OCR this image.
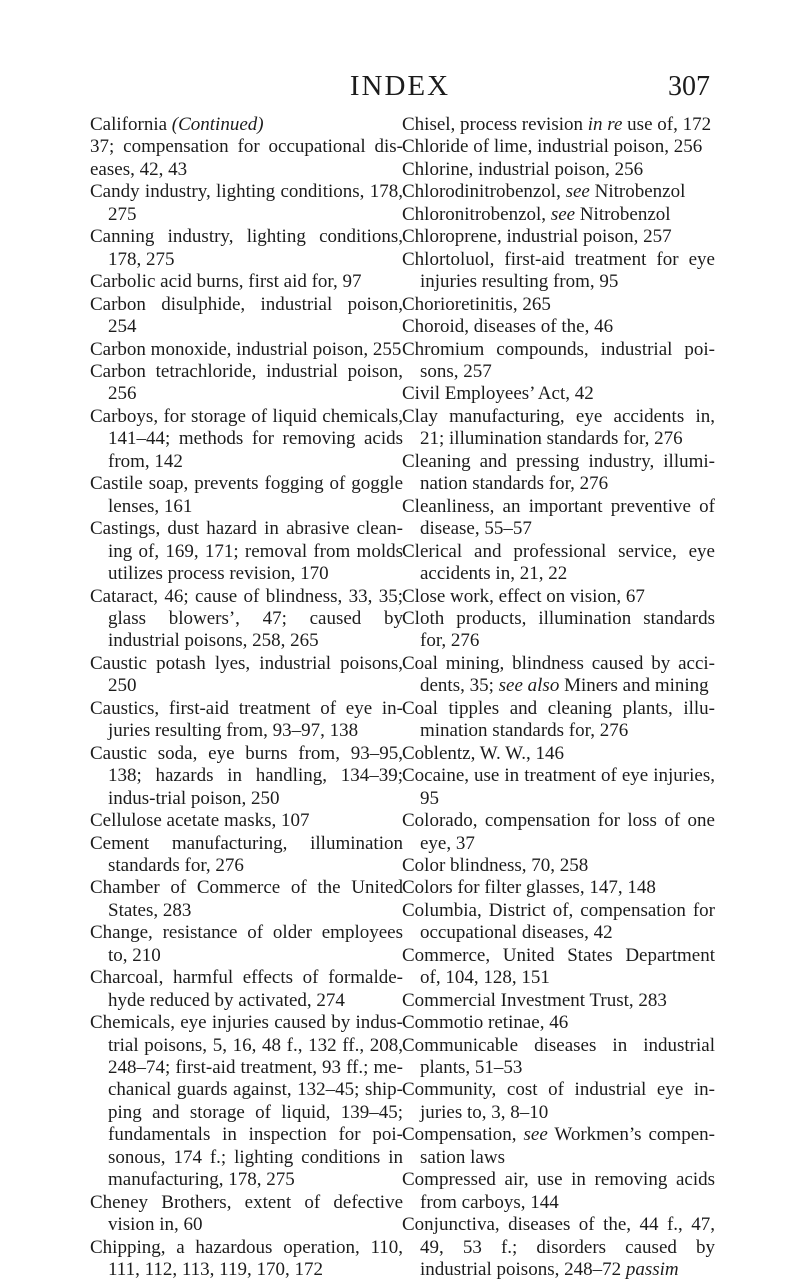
INDEX	307

California (Continued)

37; compensation for occupational dis-eases, 42, 43

Candy industry, lighting conditions, 178, 275

Canning industry, lighting conditions, 178, 275

Carbolic acid burns, first aid for, 97

Carbon disulphide, industrial poison, 254

Carbon monoxide, industrial poison, 255

Carbon tetrachloride, industrial poison, 256

Carboys, for storage of liquid chemicals, 141–44; methods for removing acids from, 142

Castile soap, prevents fogging of goggle lenses, 161

Castings, dust hazard in abrasive clean-ing of, 169, 171; removal from molds utilizes process revision, 170

Cataract, 46; cause of blindness, 33, 35; glass blowers’, 47; caused by industrial poisons, 258, 265

Caustic potash lyes, industrial poisons, 250

Caustics, first-aid treatment of eye in-juries resulting from, 93–97, 138

Caustic soda, eye burns from, 93–95, 138; hazards in handling, 134–39; indus-trial poison, 250

Cellulose acetate masks, 107

Cement manufacturing, illumination standards for, 276

Chamber of Commerce of the United States, 283

Change, resistance of older employees to, 210

Charcoal, harmful effects of formalde-hyde reduced by activated, 274

Chemicals, eye injuries caused by indus-trial poisons, 5, 16, 48 f., 132 ff., 208, 248–74; first-aid treatment, 93 ff.; me-chanical guards against, 132–45; ship-ping and storage of liquid, 139–45; fundamentals in inspection for poi-sonous, 174 f.; lighting conditions in manufacturing, 178, 275

Cheney Brothers, extent of defective vision in, 60

Chipping, a hazardous operation, 110, 111, 112, 113, 119, 170, 172

Chisel, process revision in re use of, 172

Chloride of lime, industrial poison, 256

Chlorine, industrial poison, 256

Chlorodinitrobenzol, see Nitrobenzol

Chloronitrobenzol, see Nitrobenzol

Chloroprene, industrial poison, 257

Chlortoluol, first-aid treatment for eye injuries resulting from, 95

Chorioretinitis, 265

Choroid, diseases of the, 46

Chromium compounds, industrial poi-sons, 257

Civil Employees’ Act, 42

Clay manufacturing, eye accidents in, 21; illumination standards for, 276

Cleaning and pressing industry, illumi-nation standards for, 276

Cleanliness, an important preventive of disease, 55–57

Clerical and professional service, eye accidents in, 21, 22

Close work, effect on vision, 67

Cloth products, illumination standards for, 276

Coal mining, blindness caused by acci-dents, 35; see also Miners and mining

Coal tipples and cleaning plants, illu-mination standards for, 276

Coblentz, W. W., 146

Cocaine, use in treatment of eye injuries, 95

Colorado, compensation for loss of one eye, 37

Color blindness, 70, 258

Colors for filter glasses, 147, 148

Columbia, District of, compensation for occupational diseases, 42

Commerce, United States Department of, 104, 128, 151

Commercial Investment Trust, 283

Commotio retinae, 46

Communicable diseases in industrial plants, 51–53

Community, cost of industrial eye in-juries to, 3, 8–10

Compensation, see Workmen’s compen-sation laws

Compressed air, use in removing acids from carboys, 144

Conjunctiva, diseases of the, 44 f., 47, 49, 53 f.; disorders caused by industrial poisons, 248–72 passim
